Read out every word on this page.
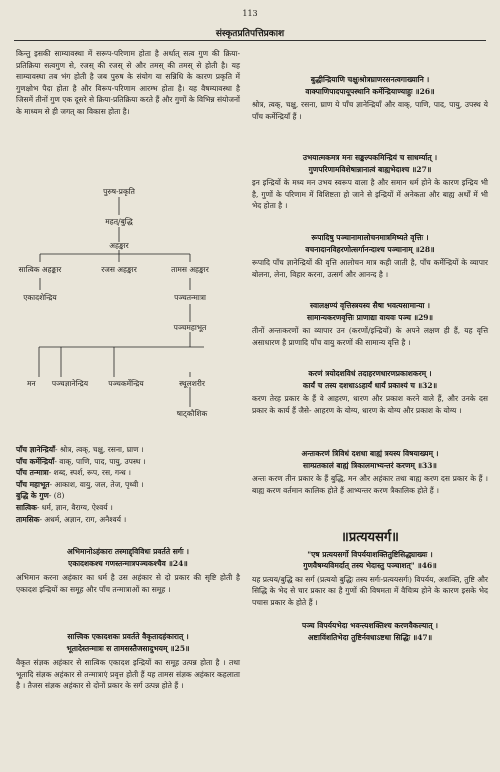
113
संस्कृतप्रतिपत्तिप्रकाश

किन्तु इसकी साम्यावस्था में सरूप-परिणाम होता है अर्थात् सत्व गुण की क्रिया-प्रतिक्रिया सत्वगुण से, रजस् की रजस् से और तमस् की तमस् से होती है। यह साम्यावस्था तब भंग होती है जब पुरुष के संयोग या सन्निधि के कारण प्रकृति में गुणक्षोभ पैदा होता है और विरूप-परिणाम आरम्भ होता है। यह वैषम्यावस्था है जिसमें तीनों गुण एक दूसरे से क्रिया-प्रतिक्रिया करते हैं और गुणों के विभिन्न संयोजनों के माध्यम से ही जगत् का विकास होता है।

पुरुष-प्रकृति
महत्/बुद्धि
अहङ्कार
सात्विक अहङ्कार	रजस अहङ्कार	तामस अहङ्कार
एकादशेन्द्रिय	पञ्चतन्मात्रा
पञ्चमहाभूत
मन पञ्चज्ञानेन्द्रिय	पञ्चकर्मेन्द्रिय	स्थूलशरीर
षाट्कौशिक
पाँच ज्ञानेन्द्रियाँ- श्रोत्र, त्वक्, चक्षु, रसना, घ्राण ।
पाँच कर्मेन्द्रियाँ- वाक्, पाणि, पाद, पायु, उपस्थ ।
पाँच तन्मात्रा- शब्द, स्पर्श, रूप, रस, गन्ध ।
पाँच महाभूत- आकाश, वायु, जल, तेज, पृथ्वी ।
बुद्धि के गुण- (8)
सात्विक- धर्म, ज्ञान, वैराग्य, ऐश्वर्य ।
तामसिक- अधर्म, अज्ञान, राग, अनैश्वर्य ।
अभिमानोऽहंकारः तस्माद्द्विविधः प्रवर्तते सर्गः ।
एकादशकश्च गणस्तन्मात्रपञ्चकश्चैव ॥24॥

अभिमान करना अहंकार का धर्म है उस अहंकार से दो प्रकार की सृष्टि होती है एकादश इन्द्रियों का समूह और पाँच तन्मात्राओं का समूह ।

सात्त्विक एकादशकः प्रवर्तते वैकृतादहंकारात् ।
भूतादेस्तन्मात्रः स तामसस्तैजसादुभयम् ॥25॥

वैकृत संज्ञक अहंकार से सात्विक एकादश इन्द्रियों का समूह उत्पन्न होता है । तथा भूतादि संज्ञक अहंकार से तन्मात्राएं प्रवृत्त होती हैं यह तामस संज्ञक अहंकार कहलाता है । तैजस संज्ञक अहंकार से दोनों प्रकार के सर्ग उत्पन्न होते हैं ।

बुद्धीन्द्रियाणि चक्षुःश्रोत्रघ्राणरसनत्वगाख्यानि ।
वाक्पाणिपादपायूपस्थानि कर्मेन्द्रियाण्याहुः ॥26॥

श्रोत्र, त्वक्, चक्षु, रसना, घ्राण ये पाँच ज्ञानेन्द्रियाँ और वाक्, पाणि, पाद, पायु, उपस्थ ये पाँच कर्मेन्द्रियाँ हैं ।

उभयात्मकमत्र मनः सङ्कल्पकमिन्द्रियं च साधर्म्यात् ।
गुणपरिणामविशेषान्नानात्वं बाह्यभेदाश्च ॥27॥

इन इन्द्रियों के मध्य मन उभय स्वरूप वाला है और समान धर्म होने के कारण इन्द्रिय भी है, गुणों के परिणाम में विशिष्टता हो जाने से इन्द्रियों में अनेकता और बाह्य अर्थों में भी भेद होता है ।

रूपादिषु पञ्चानामालोचनमात्रमिष्यते वृत्तिः ।
वचनादानविहरणोत्सर्गानन्दाश्च पञ्चानाम् ॥28॥

रूपादि पाँच ज्ञानेन्द्रियों की वृत्ति आलोचन मात्र कही जाती है, पाँच कर्मेन्द्रियों के व्यापार बोलना, लेना, विहार करना, उत्सर्ग और आनन्द है ।

स्वालक्षण्यं वृत्तिस्त्रयस्य सैषा भवत्यसामान्या ।
सामान्यकरणवृत्तिः प्राणाद्या वायवः पञ्च ॥29॥

तीनों अन्तःकरणों का व्यापार उन (करणों/इन्द्रियों) के अपने लक्षण ही हैं, यह वृत्ति असाधारण है प्राणादि पाँच वायु करणों की सामान्य वृत्ति है ।

करणं त्रयोदशविधं तदाहरणधारणप्रकाशकरम् ।
कार्यं च तस्य दशधाऽऽहार्यं धार्यं प्रकाश्यं च ॥32॥

करण तेरह प्रकार के हैं वे आहरण, धारण और प्रकाश करने वाले हैं, और उनके दस प्रकार के कार्य हैं जैसे- आहरण के योग्य, धारण के योग्य और प्रकाश के योग्य ।

अन्तःकरणं त्रिविधं दशधा बाह्यं त्रयस्य विषयाख्यम् ।
साम्प्रतकालं बाह्यं त्रिकालमाभ्यन्तरं करणम् ॥33॥

अन्तः करण तीन प्रकार के हैं बुद्धि, मन और अहंकार तथा बाह्य करण दस प्रकार के हैं । बाह्य करण वर्तमान कालिक होते हैं आभ्यन्तर करण त्रैकालिक होते हैं ।

॥प्रत्ययसर्ग॥
"एष प्रत्ययसर्गो विपर्ययाशक्तितुष्टिसिद्ध्याख्यः ।
गुणवैषम्यविमर्दात् तस्य भेदास्तु पञ्चाशत्" ॥46॥

यह प्रत्यय/बुद्धि का सर्ग (प्रत्ययो बुद्धिः तस्य सर्गः-प्रत्ययसर्गः) विपर्यय, अशक्ति, तुष्टि और सिद्धि के भेद से चार प्रकार का है गुणों की विषमता में वैचित्र्य होने के कारण इसके भेद पचास प्रकार के होते हैं ।

पञ्च विपर्ययभेदा भवन्त्यशक्तिश्च करणवैकल्यात् ।
अष्टाविंशतिभेदा तुष्टिर्नवधाऽष्टधा सिद्धिः ॥47॥
